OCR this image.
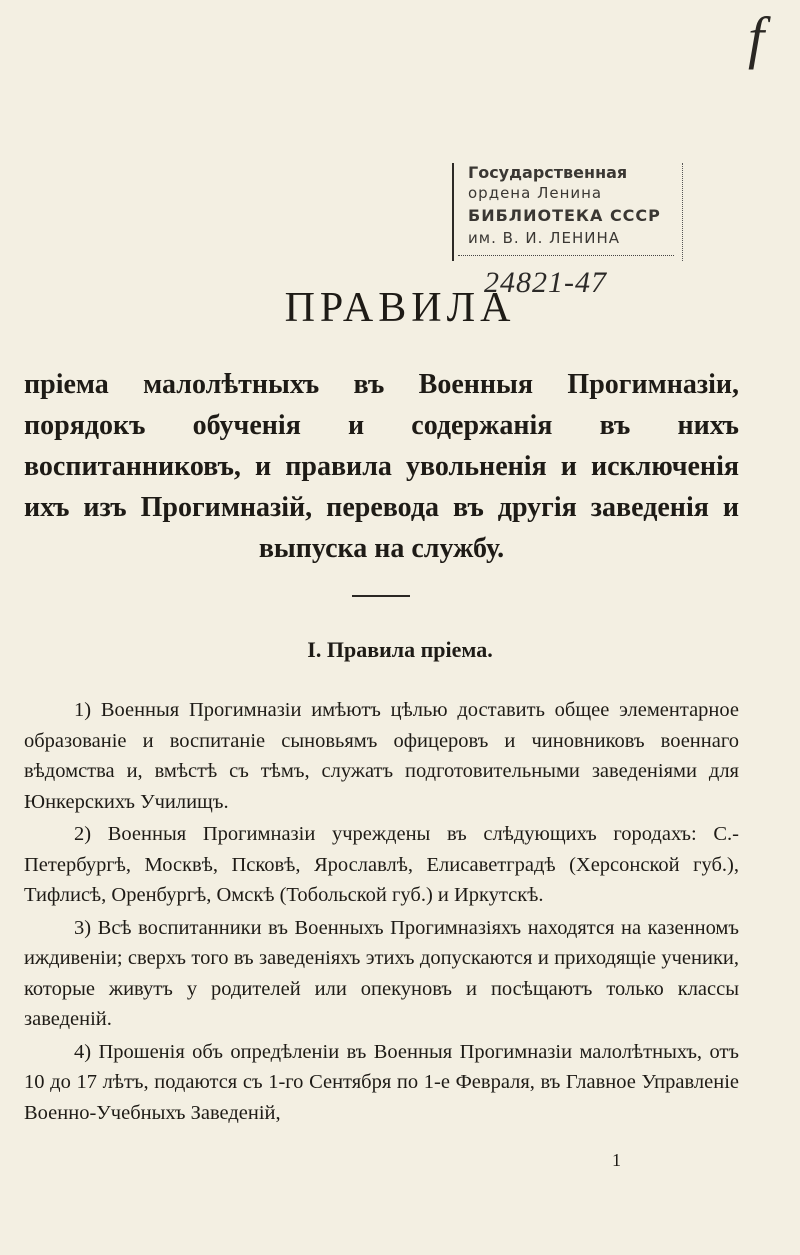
f
Государственная
ордена Ленина
БИБЛИОТЕКА СССР
им. В. И. ЛЕНИНА
24821-47
ПРАВИЛА
пріема малолѣтныхъ въ Военныя Прогимназіи, порядокъ обученія и содержанія въ нихъ воспитанниковъ, и правила увольненія и исключенія ихъ изъ Прогимназій, перевода въ другія заведенія и выпуска на службу.
I. Правила пріема.

1) Военныя Прогимназіи имѣютъ цѣлью доставить общее элементарное образованіе и воспитаніе сыновьямъ офицеровъ и чиновниковъ военнаго вѣдомства и, вмѣстѣ съ тѣмъ, служатъ подготовительными заведеніями для Юнкерскихъ Училищъ.

2) Военныя Прогимназіи учреждены въ слѣдующихъ городахъ: С.-Петербургѣ, Москвѣ, Псковѣ, Ярославлѣ, Елисаветградѣ (Херсонской губ.), Тифлисѣ, Оренбургѣ, Омскѣ (Тобольской губ.) и Иркутскѣ.

3) Всѣ воспитанники въ Военныхъ Прогимназіяхъ находятся на казенномъ иждивеніи; сверхъ того въ заведеніяхъ этихъ допускаются и приходящіе ученики, которые живутъ у родителей или опекуновъ и посѣщаютъ только классы заведеній.

4) Прошенія объ опредѣленіи въ Военныя Прогимназіи малолѣтныхъ, отъ 10 до 17 лѣтъ, подаются съ 1-го Сентября по 1-е Февраля, въ Главное Управленіе Военно-Учебныхъ Заведеній,

1
